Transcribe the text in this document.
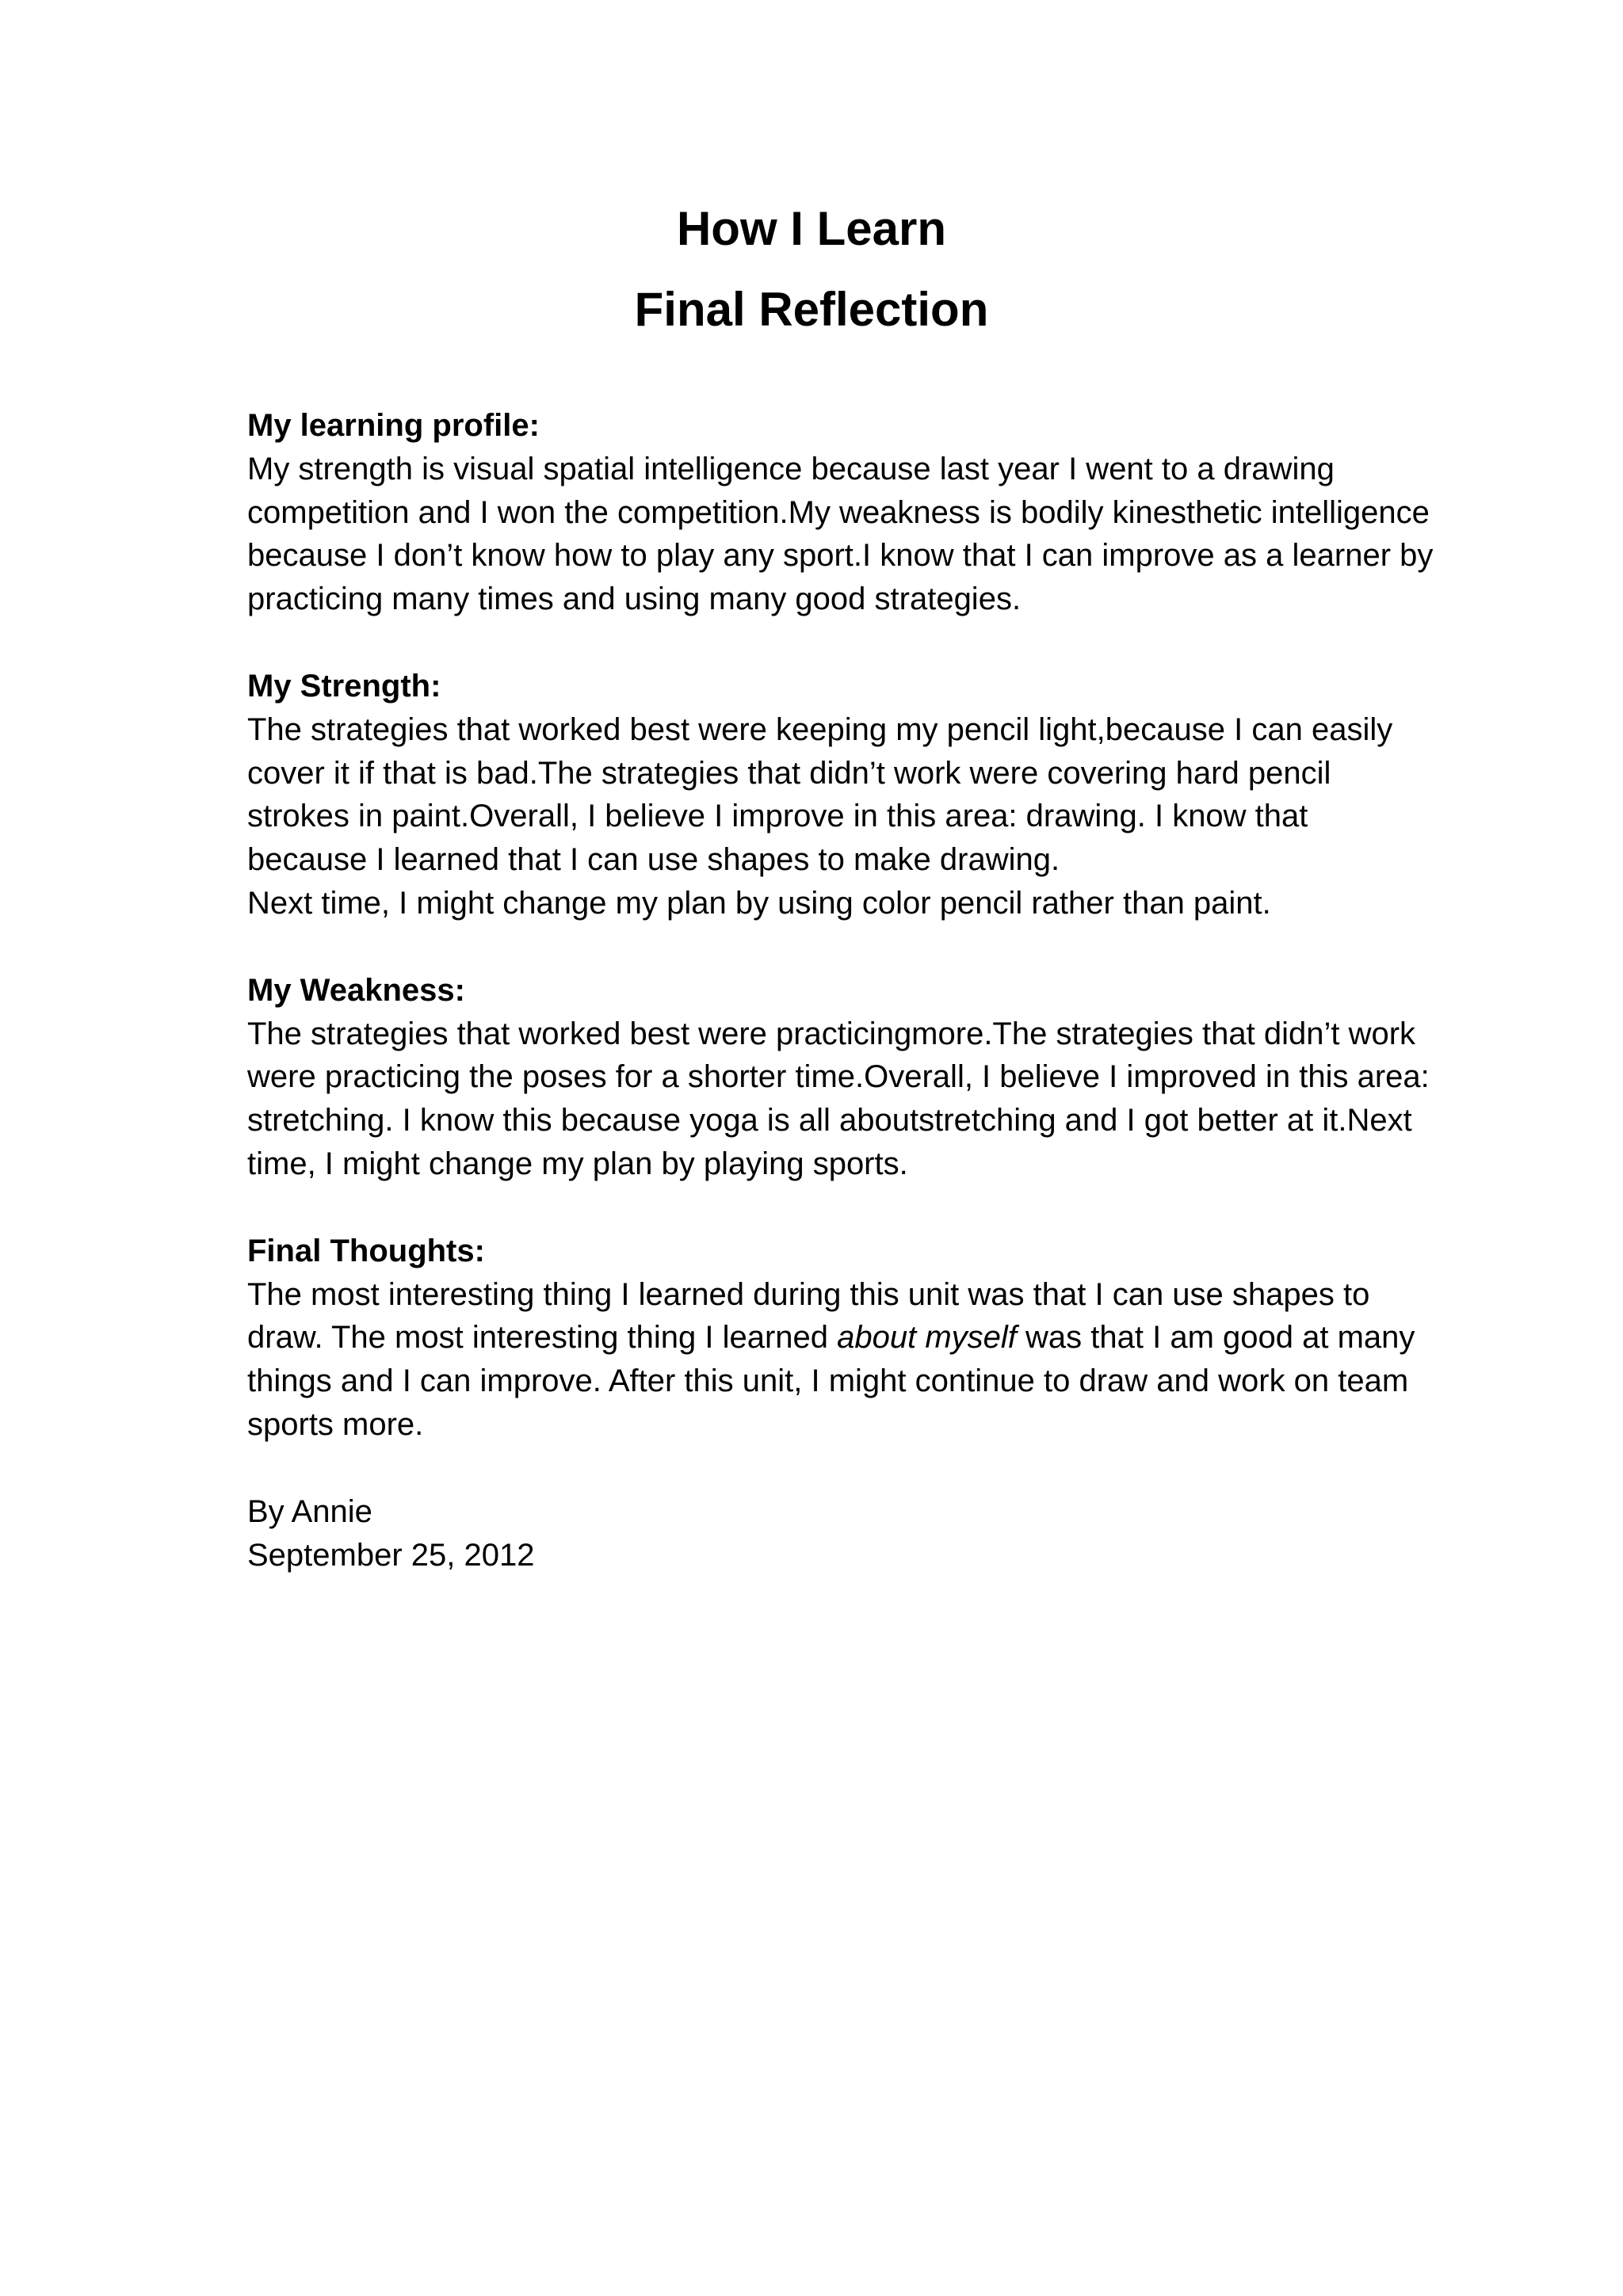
How I Learn

Final Reflection

My learning profile:

My strength is visual spatial intelligence because last year I went to a drawing competition and I won the competition.My weakness is bodily kinesthetic intelligence because I don’t know how to play any sport.I know that I can improve as a learner by practicing many times and using many good strategies.

My Strength:

The strategies that worked best were keeping my pencil light,because I can easily cover it if that is bad.The strategies that didn’t work were covering hard pencil strokes in paint.Overall, I believe I improve in this area: drawing. I know that because I learned that I can use shapes to make drawing.

Next time, I might change my plan by using color pencil rather than paint.

My Weakness:

The strategies that worked best were practicingmore.The strategies that didn’t work were practicing the poses for a shorter time.Overall, I believe I improved in this area: stretching. I know this because yoga is all aboutstretching and I got better at it.Next time, I might change my plan by playing sports.

Final Thoughts:

The most interesting thing I learned during this unit was that I can use shapes to draw. The most interesting thing I learned about myself was that I am good at many things and I can improve. After this unit, I might continue to draw and work on team sports more.

By Annie

September 25, 2012
